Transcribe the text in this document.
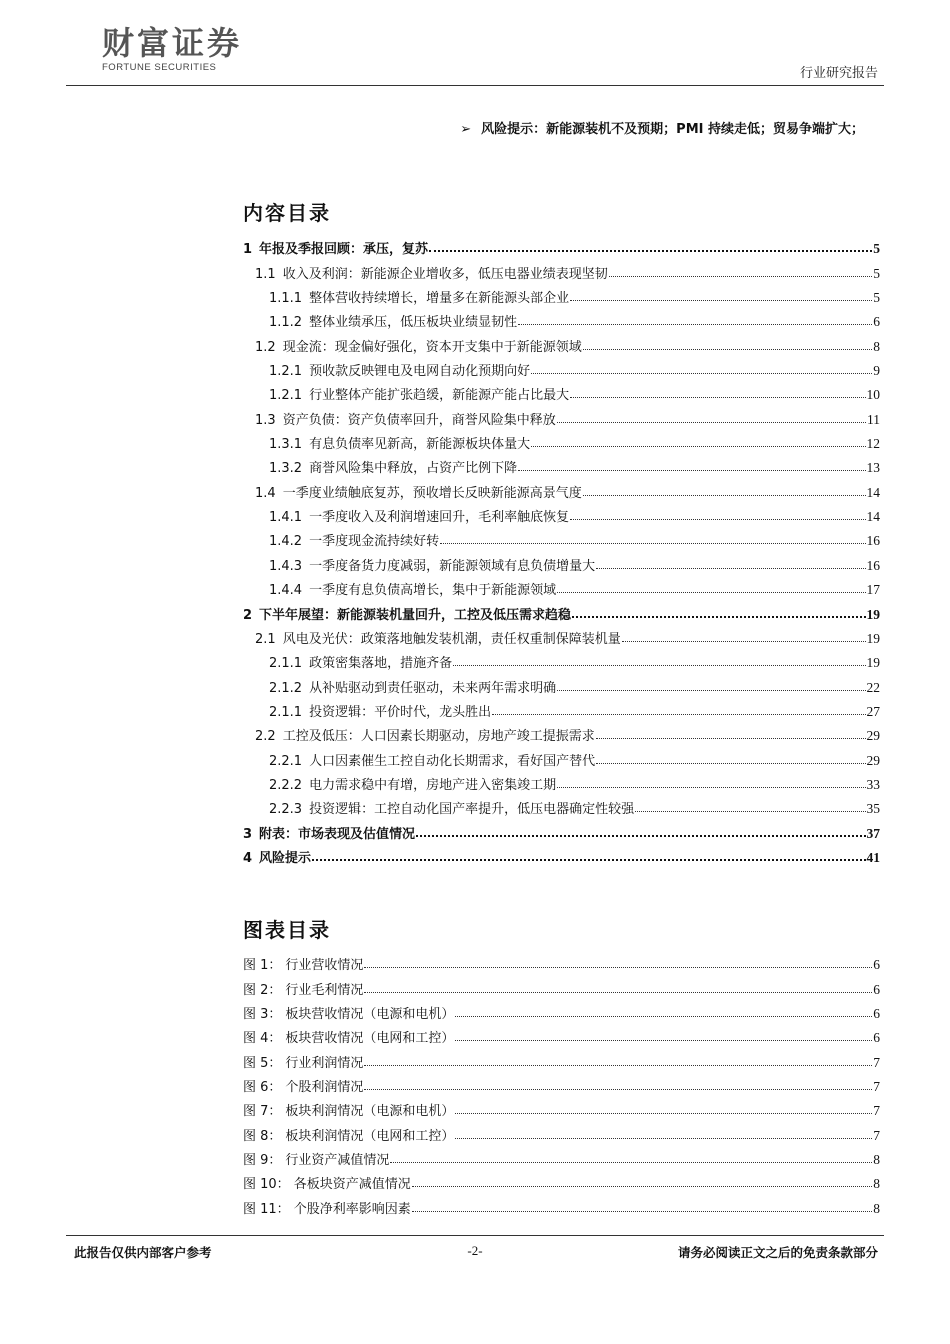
财富证券
FORTUNE SECURITIES	行业研究报告
➢ 风险提示：新能源装机不及预期；PMI 持续走低；贸易争端扩大；
内容目录
1 年报及季报回顾：承压，复苏	5
1.1 收入及利润：新能源企业增收多，低压电器业绩表现坚韧	5
1.1.1 整体营收持续增长，增量多在新能源头部企业	5
1.1.2 整体业绩承压，低压板块业绩显韧性	6
1.2 现金流：现金偏好强化，资本开支集中于新能源领域	8
1.2.1 预收款反映锂电及电网自动化预期向好	9
1.2.1 行业整体产能扩张趋缓，新能源产能占比最大	10
1.3 资产负债：资产负债率回升，商誉风险集中释放	11
1.3.1 有息负债率见新高，新能源板块体量大	12
1.3.2 商誉风险集中释放，占资产比例下降	13
1.4 一季度业绩触底复苏，预收增长反映新能源高景气度	14
1.4.1 一季度收入及利润增速回升，毛利率触底恢复	14
1.4.2 一季度现金流持续好转	16
1.4.3 一季度备货力度减弱，新能源领域有息负债增量大	16
1.4.4 一季度有息负债高增长，集中于新能源领域	17
2 下半年展望：新能源装机量回升，工控及低压需求趋稳	19
2.1 风电及光伏：政策落地触发装机潮，责任权重制保障装机量	19
2.1.1 政策密集落地，措施齐备	19
2.1.2 从补贴驱动到责任驱动，未来两年需求明确	22
2.1.1 投资逻辑：平价时代，龙头胜出	27
2.2 工控及低压：人口因素长期驱动，房地产竣工提振需求	29
2.2.1 人口因素催生工控自动化长期需求，看好国产替代	29
2.2.2 电力需求稳中有增，房地产进入密集竣工期	33
2.2.3 投资逻辑：工控自动化国产率提升，低压电器确定性较强	35
3 附表：市场表现及估值情况	37
4 风险提示	41
图表目录
图 1： 行业营收情况	6
图 2： 行业毛利情况	6
图 3： 板块营收情况（电源和电机）	6
图 4： 板块营收情况（电网和工控）	6
图 5： 行业利润情况	7
图 6： 个股利润情况	7
图 7： 板块利润情况（电源和电机）	7
图 8： 板块利润情况（电网和工控）	7
图 9： 行业资产减值情况	8
图 10： 各板块资产减值情况	8
图 11： 个股净利率影响因素	8
此报告仅供内部客户参考	-2-	请务必阅读正文之后的免责条款部分
